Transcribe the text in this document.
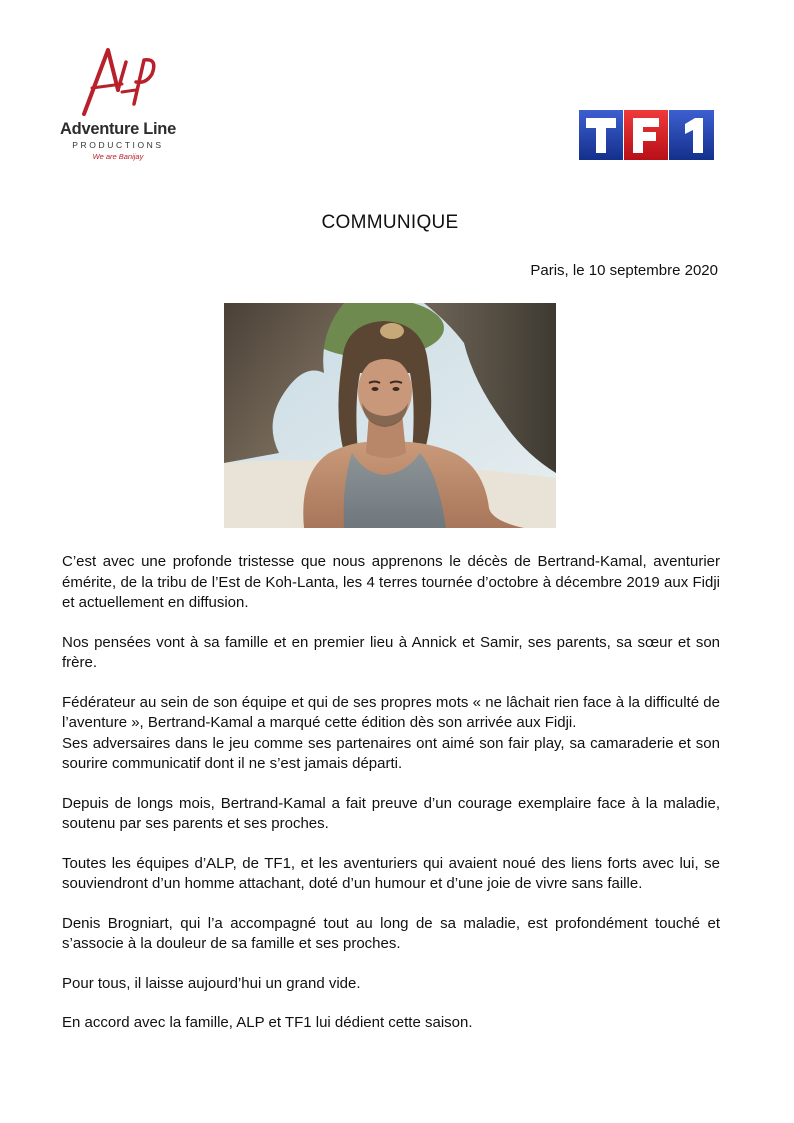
Adventure Line
PRODUCTIONS
We are Banijay
COMMUNIQUE
Paris, le 10 septembre 2020

C’est avec une profonde tristesse que nous apprenons le décès de Bertrand-Kamal, aventurier émérite, de la tribu de l’Est de Koh-Lanta, les 4 terres tournée d’octobre à décembre 2019 aux Fidji et actuellement en diffusion.

Nos pensées vont à sa famille et en premier lieu à Annick et Samir, ses parents, sa sœur et son frère.

Fédérateur au sein de son équipe et qui de ses propres mots « ne lâchait rien face à la difficulté de l’aventure », Bertrand-Kamal a marqué cette édition dès son arrivée aux Fidji.

Ses adversaires dans le jeu comme ses partenaires ont aimé son fair play, sa camaraderie et son sourire communicatif dont il ne s’est jamais départi.

Depuis de longs mois, Bertrand-Kamal a fait preuve d’un courage exemplaire face à la maladie, soutenu par ses parents et ses proches.

Toutes les équipes d’ALP, de TF1, et les aventuriers qui avaient noué des liens forts avec lui, se souviendront d’un homme attachant, doté d’un humour et d’une joie de vivre sans faille.

Denis Brogniart, qui l’a accompagné tout au long de sa maladie, est profondément touché et s’associe à la douleur de sa famille et ses proches.

Pour tous, il laisse aujourd’hui un grand vide.

En accord avec la famille, ALP et TF1 lui dédient cette saison.
